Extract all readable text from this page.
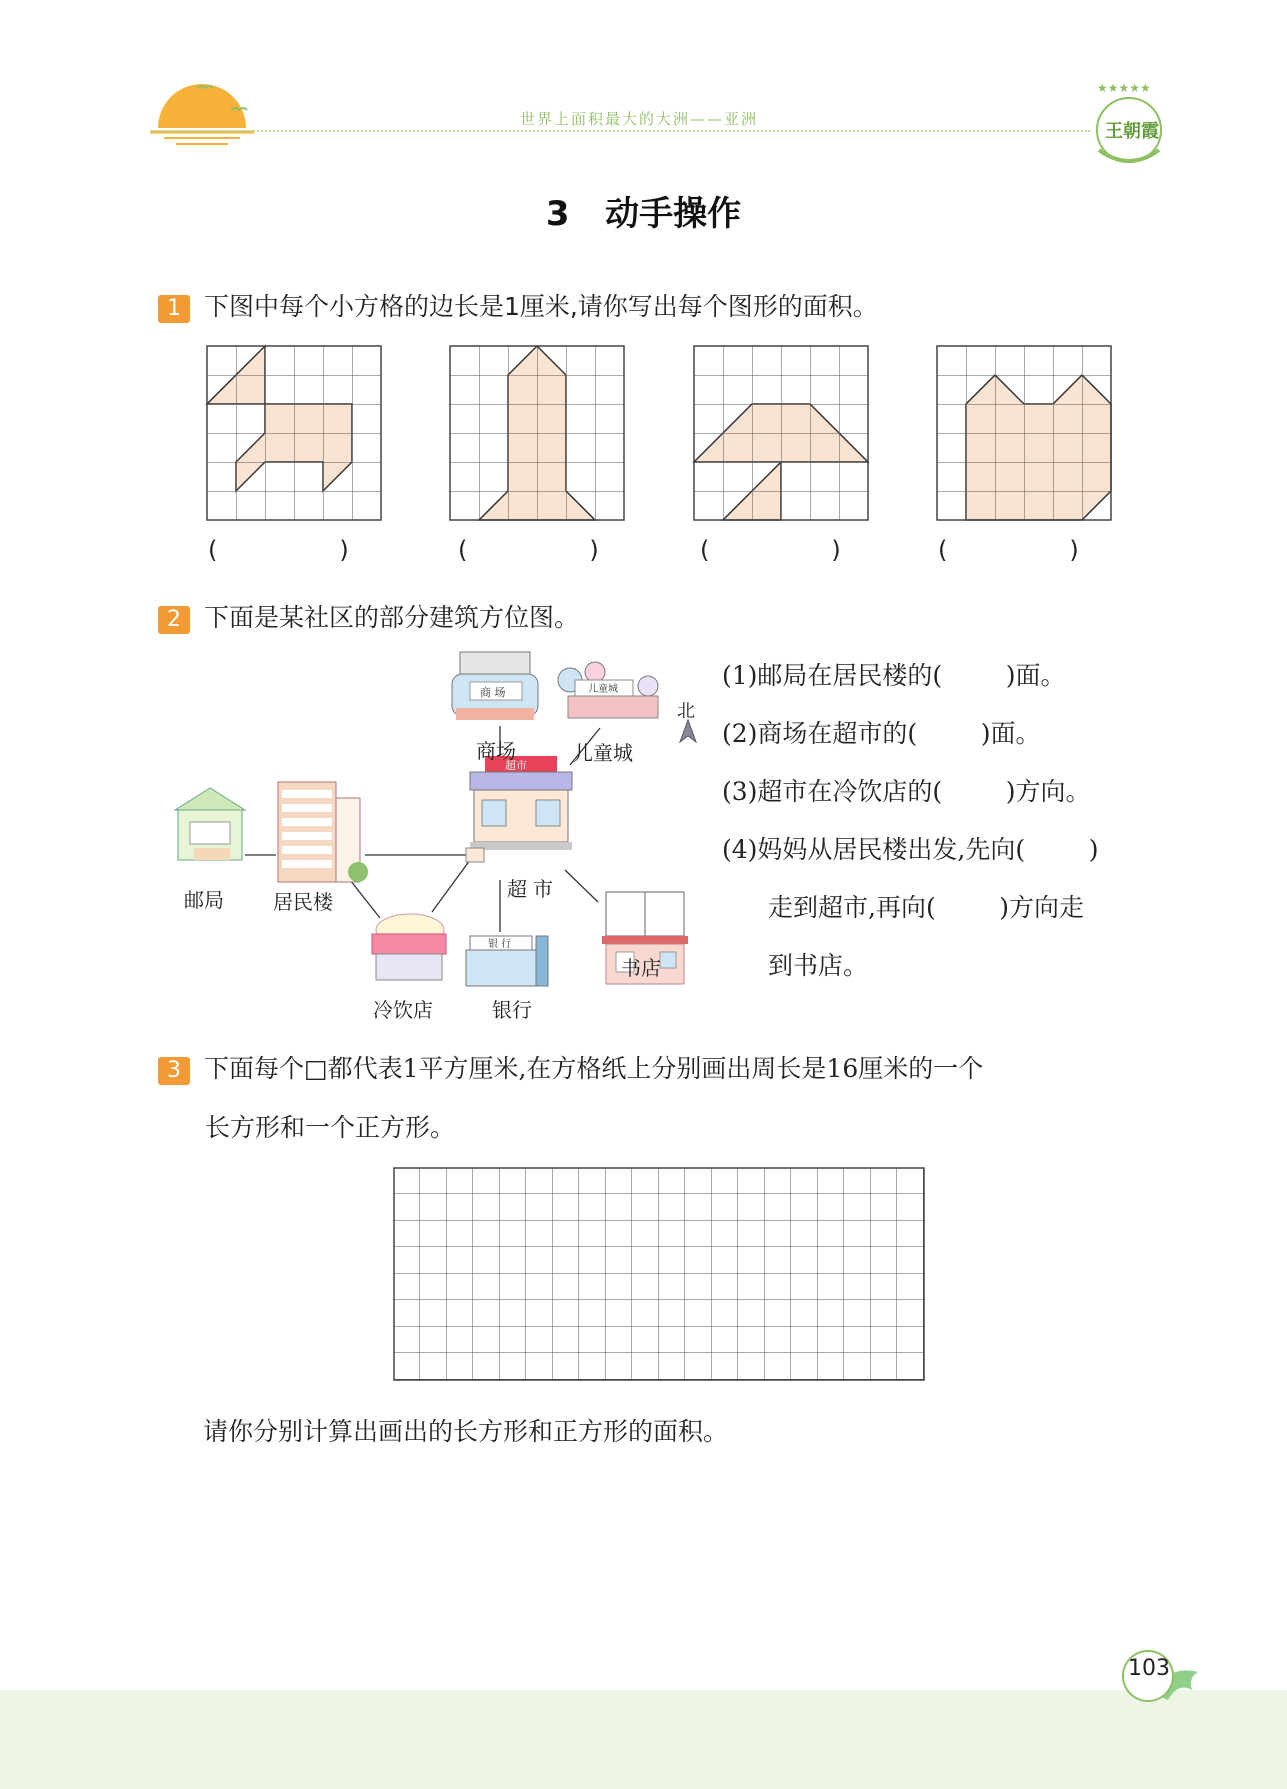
世界上面积最大的大洲——亚洲
★★★★★
王朝霞
3   动手操作
1 下图中每个小方格的边长是1厘米,请你写出每个图形的面积。
(                )	(                )	(                )	(                )
2 下面是某社区的部分建筑方位图。
商 场	儿童城
超市
银 行
商场	儿童城
北
超市
邮局 居民楼
冷饮店	银行
书店
(1)邮局在居民楼的(        )面。
(2)商场在超市的(        )面。
(3)超市在冷饮店的(        )方向。
(4)妈妈从居民楼出发,先向(        )
走到超市,再向(        )方向走
到书店。
3 下面每个□都代表1平方厘米,在方格纸上分别画出周长是16厘米的一个
长方形和一个正方形。
请你分别计算出画出的长方形和正方形的面积。
103
